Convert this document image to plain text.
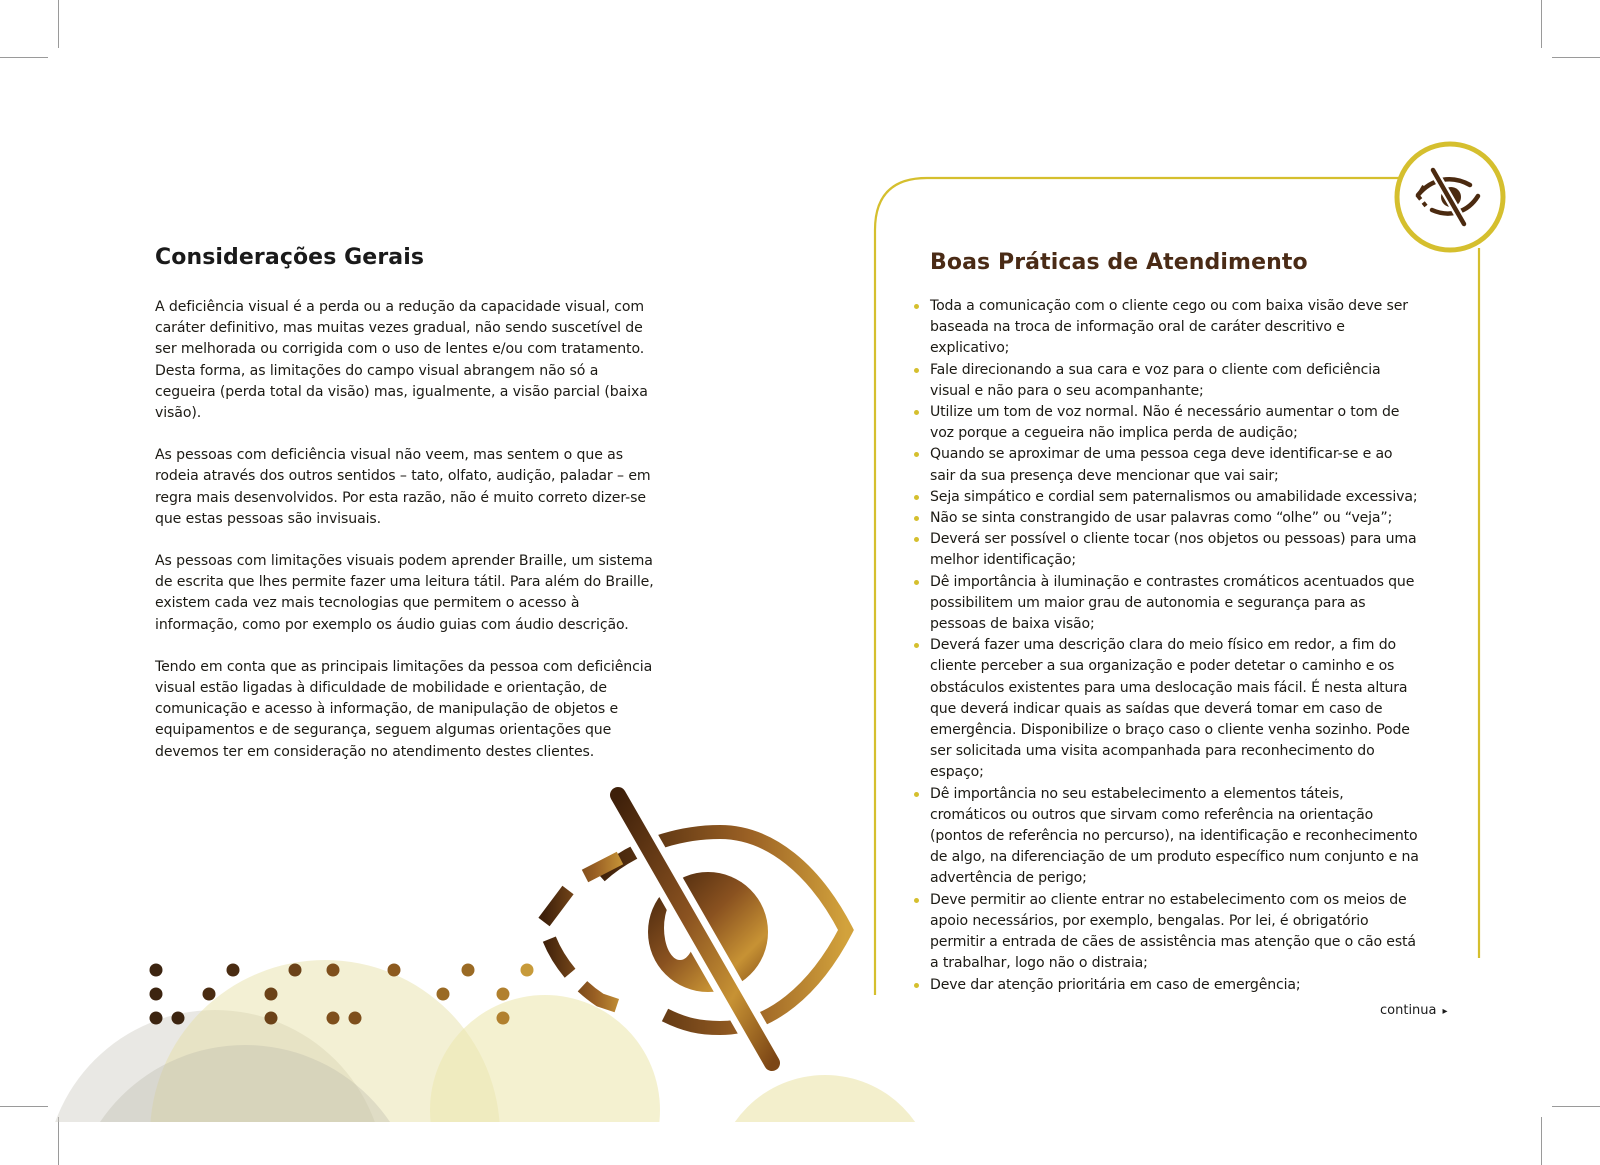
Considerações Gerais

A deficiência visual é a perda ou a redução da capacidade visual, com caráter definitivo, mas muitas vezes gradual, não sendo suscetível de ser melhorada ou corrigida com o uso de lentes e/ou com tratamento. Desta forma, as limitações do campo visual abrangem não só a cegueira (perda total da visão) mas, igualmente, a visão parcial (baixa visão).

As pessoas com deficiência visual não veem, mas sentem o que as rodeia através dos outros sentidos – tato, olfato, audição, paladar – em regra mais desenvolvidos. Por esta razão, não é muito correto dizer-se que estas pessoas são invisuais.

As pessoas com limitações visuais podem aprender Braille, um sistema de escrita que lhes permite fazer uma leitura tátil. Para além do Braille, existem cada vez mais tecnologias que permitem o acesso à informação, como por exemplo os áudio guias com áudio descrição.

Tendo em conta que as principais limitações da pessoa com deficiência visual estão ligadas à dificuldade de mobilidade e orientação, de comunicação e acesso à informação, de manipulação de objetos e equipamentos e de segurança, seguem algumas orientações que devemos ter em consideração no atendimento destes clientes.

Boas Práticas de Atendimento
Toda a comunicação com o cliente cego ou com baixa visão deve ser baseada na troca de informação oral de caráter descritivo e explicativo;
Fale direcionando a sua cara e voz para o cliente com deficiência visual e não para o seu acompanhante;
Utilize um tom de voz normal. Não é necessário aumentar o tom de voz porque a cegueira não implica perda de audição;
Quando se aproximar de uma pessoa cega deve identificar-se e ao sair da sua presença deve mencionar que vai sair;
Seja simpático e cordial sem paternalismos ou amabilidade excessiva;
Não se sinta constrangido de usar palavras como “olhe” ou “veja”;
Deverá ser possível o cliente tocar (nos objetos ou pessoas) para uma melhor identificação;
Dê importância à iluminação e contrastes cromáticos acentuados que possibilitem um maior grau de autonomia e segurança para as pessoas de baixa visão;
Deverá fazer uma descrição clara do meio físico em redor, a fim do cliente perceber a sua organização e poder detetar o caminho e os obstáculos existentes para uma deslocação mais fácil. É nesta altura que deverá indicar quais as saídas que deverá tomar em caso de emergência. Disponibilize o braço caso o cliente venha sozinho. Pode ser solicitada uma visita acompanhada para reconhecimento do espaço;
Dê importância no seu estabelecimento a elementos táteis, cromáticos ou outros que sirvam como referência na orientação (pontos de referência no percurso), na identificação e reconhecimento de algo, na diferenciação de um produto específico num conjunto e na advertência de perigo;
Deve permitir ao cliente entrar no estabelecimento com os meios de apoio necessários, por exemplo, bengalas. Por lei, é obrigatório permitir a entrada de cães de assistência mas atenção que o cão está a trabalhar, logo não o distraia;
Deve dar atenção prioritária em caso de emergência;
continua ▸
